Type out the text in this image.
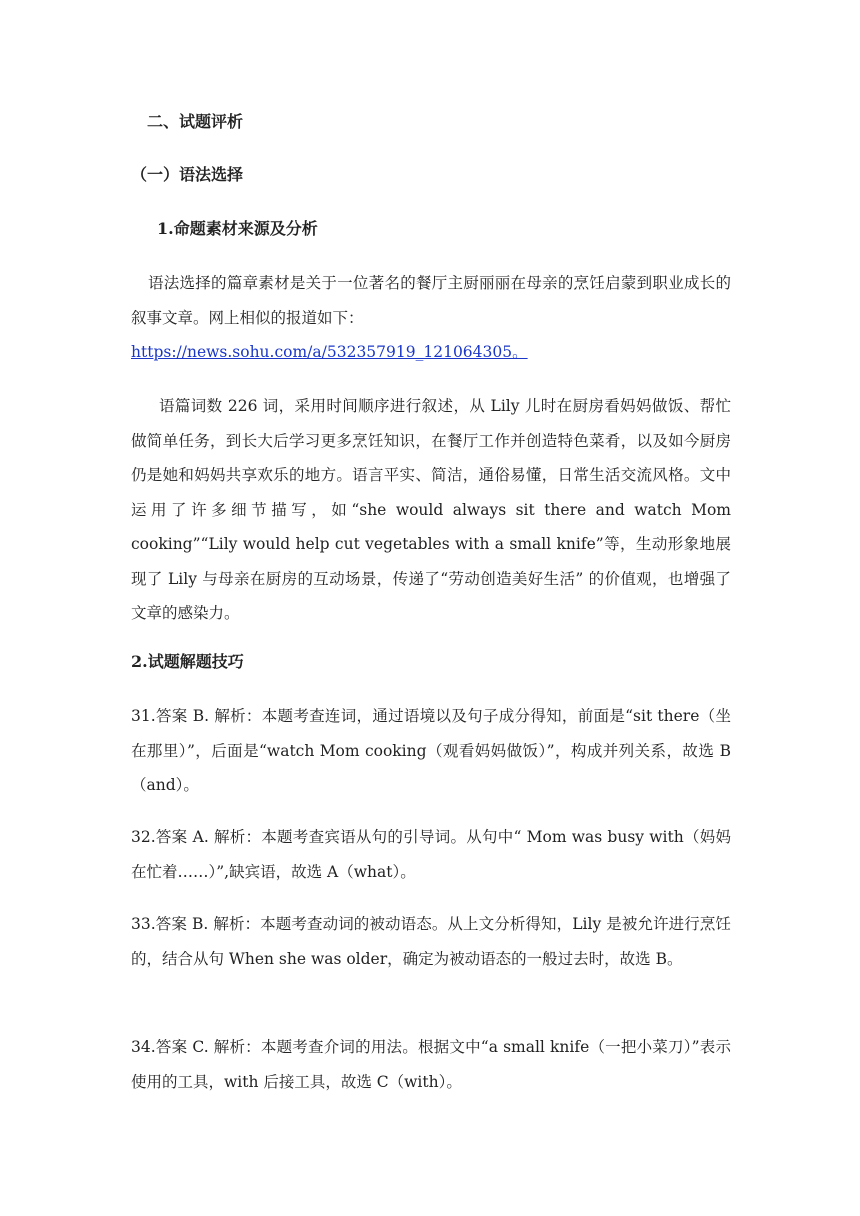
二、试题评析
（一）语法选择
1.命题素材来源及分析
语法选择的篇章素材是关于一位著名的餐厅主厨丽丽在母亲的烹饪启蒙到职业成长的叙事文章。网上相似的报道如下：
https://news.sohu.com/a/532357919_121064305。
语篇词数 226 词，采用时间顺序进行叙述，从 Lily 儿时在厨房看妈妈做饭、帮忙做简单任务，到长大后学习更多烹饪知识，在餐厅工作并创造特色菜肴，以及如今厨房仍是她和妈妈共享欢乐的地方。语言平实、简洁，通俗易懂，日常生活交流风格。文中运用了许多细节描写，如“she would always sit there and watch Mom cooking”“Lily would help cut vegetables with a small knife”等，生动形象地展现了 Lily 与母亲在厨房的互动场景，传递了“劳动创造美好生活” 的价值观，也增强了文章的感染力。
2.试题解题技巧
31.答案 B. 解析：本题考查连词，通过语境以及句子成分得知，前面是“sit there（坐在那里）”，后面是“watch Mom cooking（观看妈妈做饭）”，构成并列关系，故选 B（and）。
32.答案 A. 解析：本题考查宾语从句的引导词。从句中“ Mom was busy with（妈妈在忙着……）”,缺宾语，故选 A（what）。
33.答案 B. 解析：本题考查动词的被动语态。从上文分析得知，Lily 是被允许进行烹饪的，结合从句 When she was older，确定为被动语态的一般过去时，故选 B。
34.答案 C. 解析：本题考查介词的用法。根据文中“a small knife（一把小菜刀）”表示使用的工具，with 后接工具，故选 C（with）。
